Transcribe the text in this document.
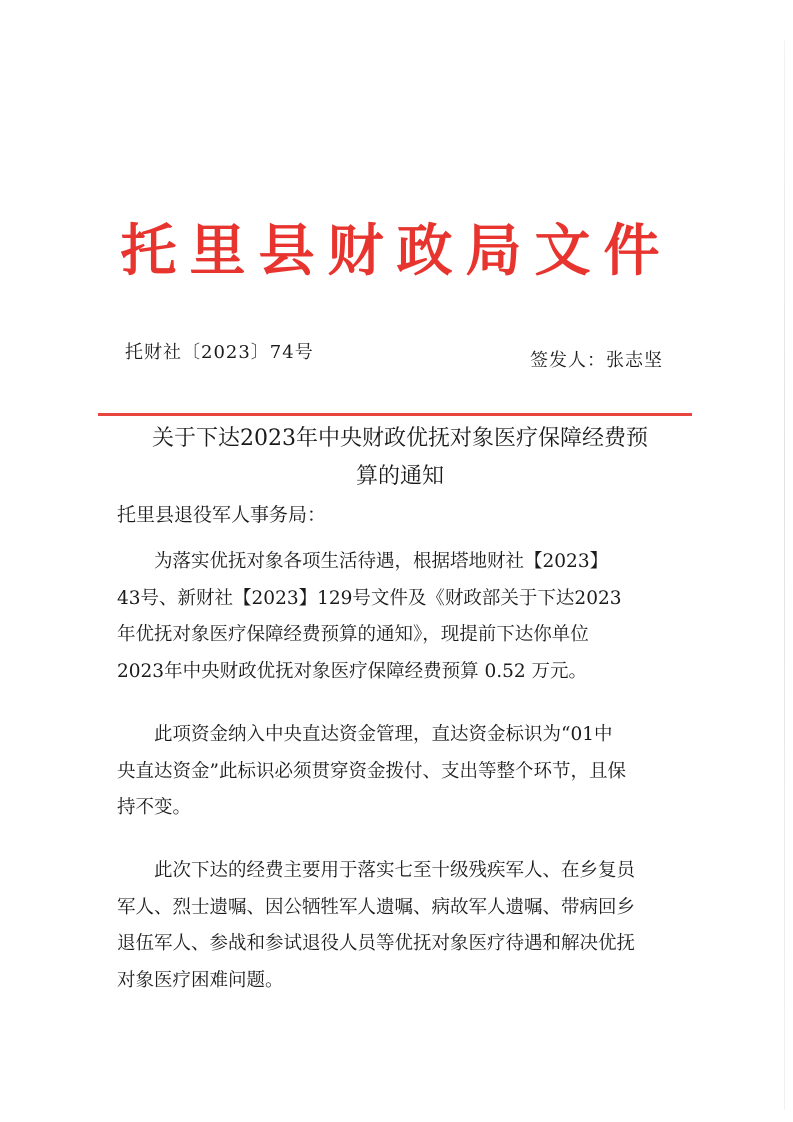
托里县财政局文件
托财社〔2023〕74号	签发人：张志坚
关于下达2023年中央财政优抚对象医疗保障经费预
算的通知
托里县退役军人事务局：
　　为落实优抚对象各项生活待遇，根据塔地财社【2023】
43号、新财社【2023】129号文件及《财政部关于下达2023
年优抚对象医疗保障经费预算的通知》，现提前下达你单位
2023年中央财政优抚对象医疗保障经费预算 0.52 万元。
　　此项资金纳入中央直达资金管理，直达资金标识为“01中
央直达资金”此标识必须贯穿资金拨付、支出等整个环节，且保
持不变。
　　此次下达的经费主要用于落实七至十级残疾军人、在乡复员
军人、烈士遗嘱、因公牺牲军人遗嘱、病故军人遗嘱、带病回乡
退伍军人、参战和参试退役人员等优抚对象医疗待遇和解决优抚
对象医疗困难问题。
